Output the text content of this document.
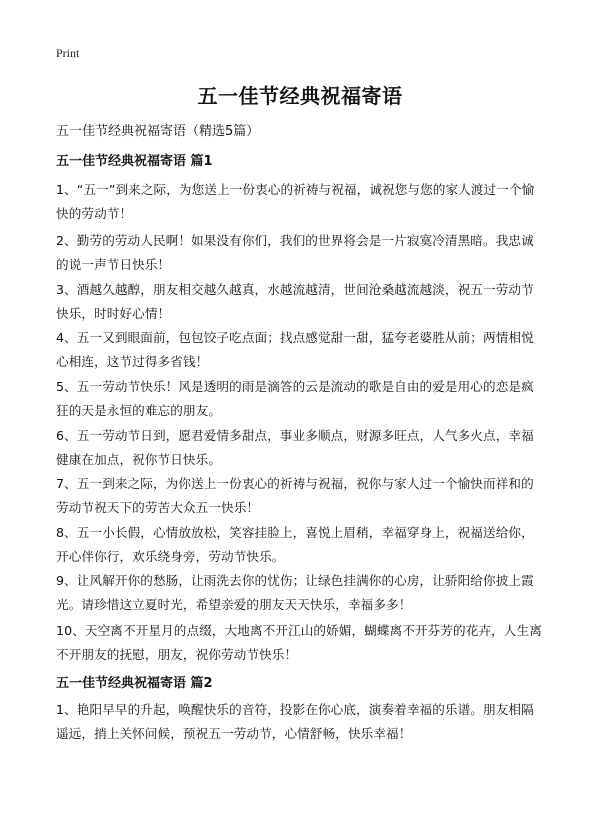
Print
五一佳节经典祝福寄语

五一佳节经典祝福寄语（精选5篇）

五一佳节经典祝福寄语 篇1

1、“五一”到来之际，为您送上一份衷心的祈祷与祝福，诚祝您与您的家人渡过一个愉快的劳动节！

2、勤劳的劳动人民啊！如果没有你们，我们的世界将会是一片寂寞冷清黑暗。我忠诚的说一声节日快乐！

3、酒越久越醇，朋友相交越久越真，水越流越清，世间沧桑越流越淡，祝五一劳动节快乐，时时好心情！

4、五一又到眼面前，包包饺子吃点面；找点感觉甜一甜，猛夸老婆胜从前；两情相悦心相连，这节过得多省钱！

5、五一劳动节快乐！风是透明的雨是滴答的云是流动的歌是自由的爱是用心的恋是疯狂的天是永恒的难忘的朋友。

6、五一劳动节日到，愿君爱情多甜点，事业多顺点，财源多旺点，人气多火点，幸福健康在加点，祝你节日快乐。

7、五一到来之际，为你送上一份衷心的祈祷与祝福，祝你与家人过一个愉快而祥和的劳动节祝天下的劳苦大众五一快乐！

8、五一小长假，心情放放松，笑容挂脸上，喜悦上眉稍，幸福穿身上，祝福送给你，开心伴你行，欢乐绕身旁，劳动节快乐。

9、让风解开你的愁肠，让雨洗去你的忧伤；让绿色挂满你的心房，让骄阳给你披上霞光。请珍惜这立夏时光，希望亲爱的朋友天天快乐，幸福多多！

10、天空离不开星月的点缀，大地离不开江山的娇媚，蝴蝶离不开芬芳的花卉，人生离不开朋友的抚慰，朋友，祝你劳动节快乐！

五一佳节经典祝福寄语 篇2

1、艳阳早早的升起，唤醒快乐的音符，投影在你心底，演奏着幸福的乐谱。朋友相隔遥远，捎上关怀问候，预祝五一劳动节，心情舒畅，快乐幸福！
